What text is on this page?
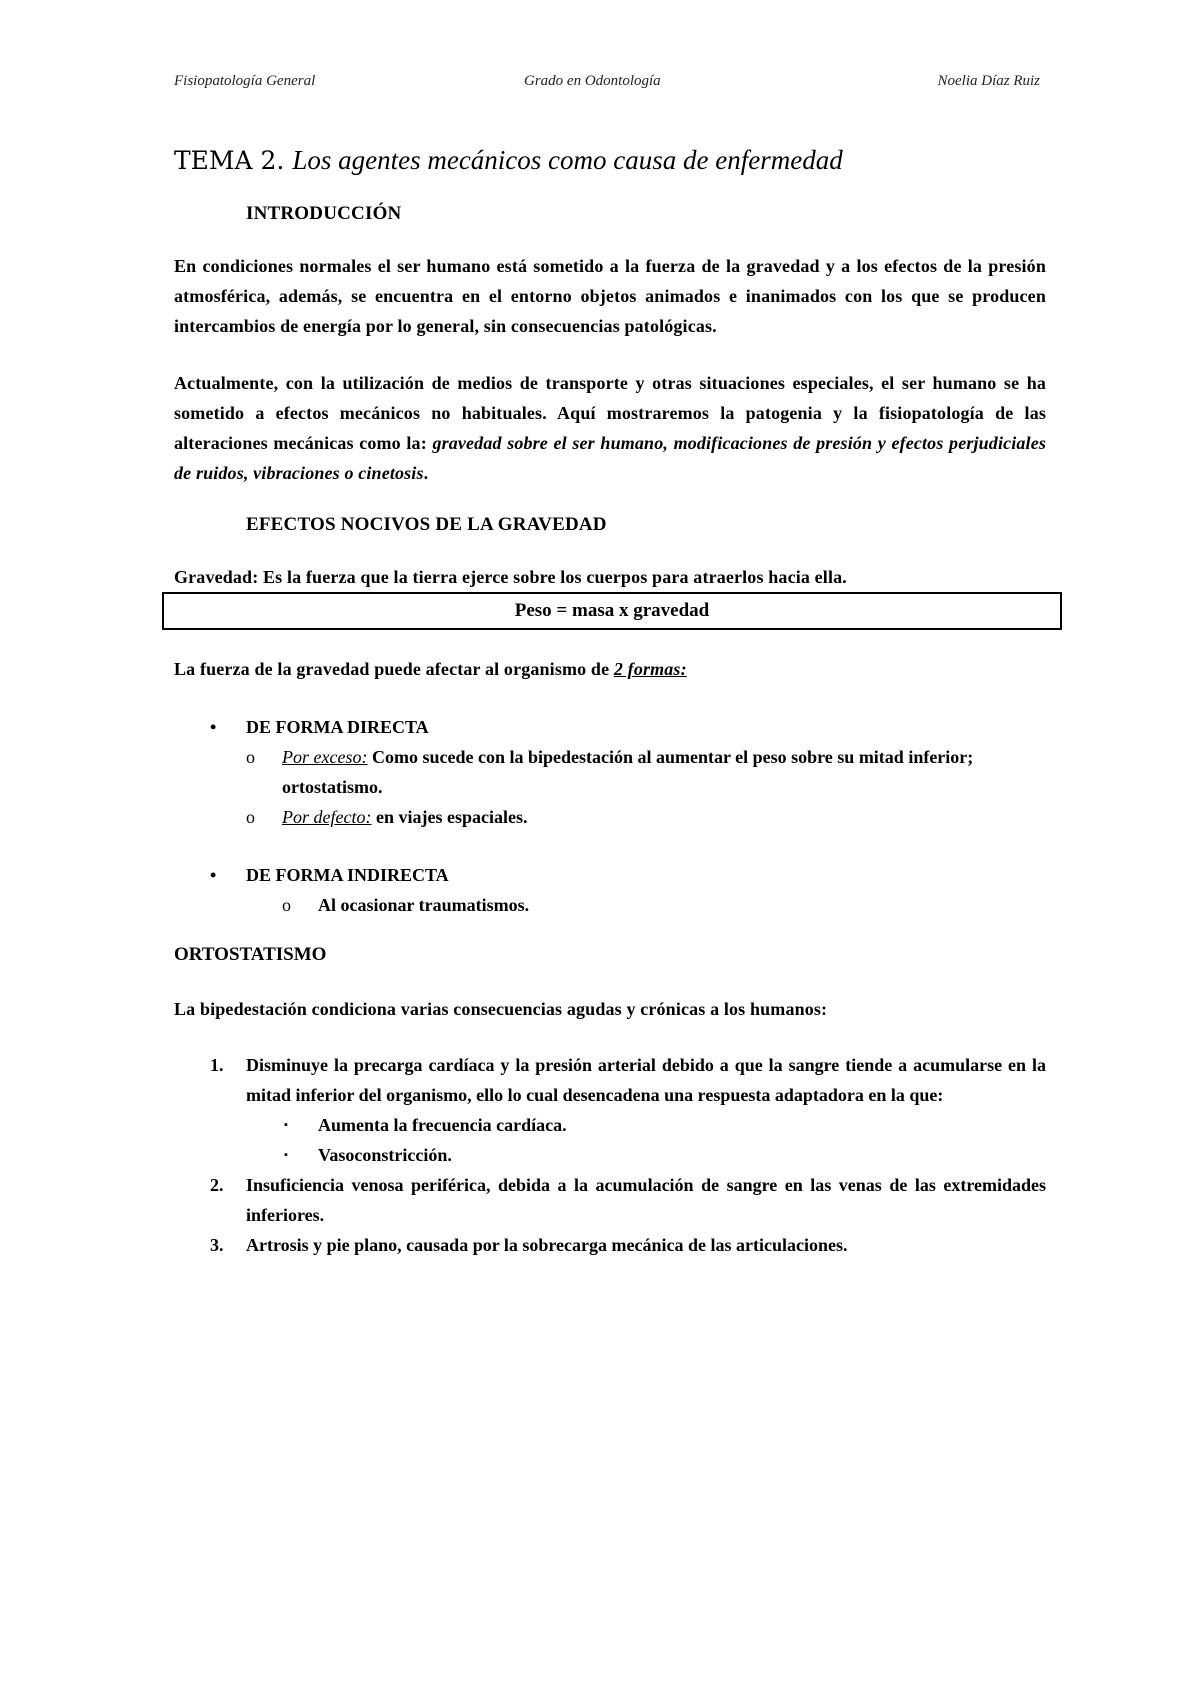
Fisiopatología General	Grado en Odontología	Noelia Díaz Ruiz
TEMA 2. Los agentes mecánicos como causa de enfermedad
INTRODUCCIÓN

En condiciones normales el ser humano está sometido a la fuerza de la gravedad y a los efectos de la presión atmosférica, además, se encuentra en el entorno objetos animados e inanimados con los que se producen intercambios de energía por lo general, sin consecuencias patológicas.

Actualmente, con la utilización de medios de transporte y otras situaciones especiales, el ser humano se ha sometido a efectos mecánicos no habituales. Aquí mostraremos la patogenia y la fisiopatología de las alteraciones mecánicas como la: gravedad sobre el ser humano, modificaciones de presión y efectos perjudiciales de ruidos, vibraciones o cinetosis.

EFECTOS NOCIVOS DE LA GRAVEDAD

Gravedad: Es la fuerza que la tierra ejerce sobre los cuerpos para atraerlos hacia ella.

Peso = masa x gravedad

La fuerza de la gravedad puede afectar al organismo de 2 formas:

• DE FORMA DIRECTA
o Por exceso: Como sucede con la bipedestación al aumentar el peso sobre su mitad inferior; ortostatismo.
o Por defecto: en viajes espaciales.
• DE FORMA INDIRECTA
o Al ocasionar traumatismos.
ORTOSTATISMO

La bipedestación condiciona varias consecuencias agudas y crónicas a los humanos:

1. Disminuye la precarga cardíaca y la presión arterial debido a que la sangre tiende a acumularse en la mitad inferior del organismo, ello lo cual desencadena una respuesta adaptadora en la que:
▪ Aumenta la frecuencia cardíaca.
▪ Vasoconstricción.
2. Insuficiencia venosa periférica, debida a la acumulación de sangre en las venas de las extremidades inferiores.
3. Artrosis y pie plano, causada por la sobrecarga mecánica de las articulaciones.
